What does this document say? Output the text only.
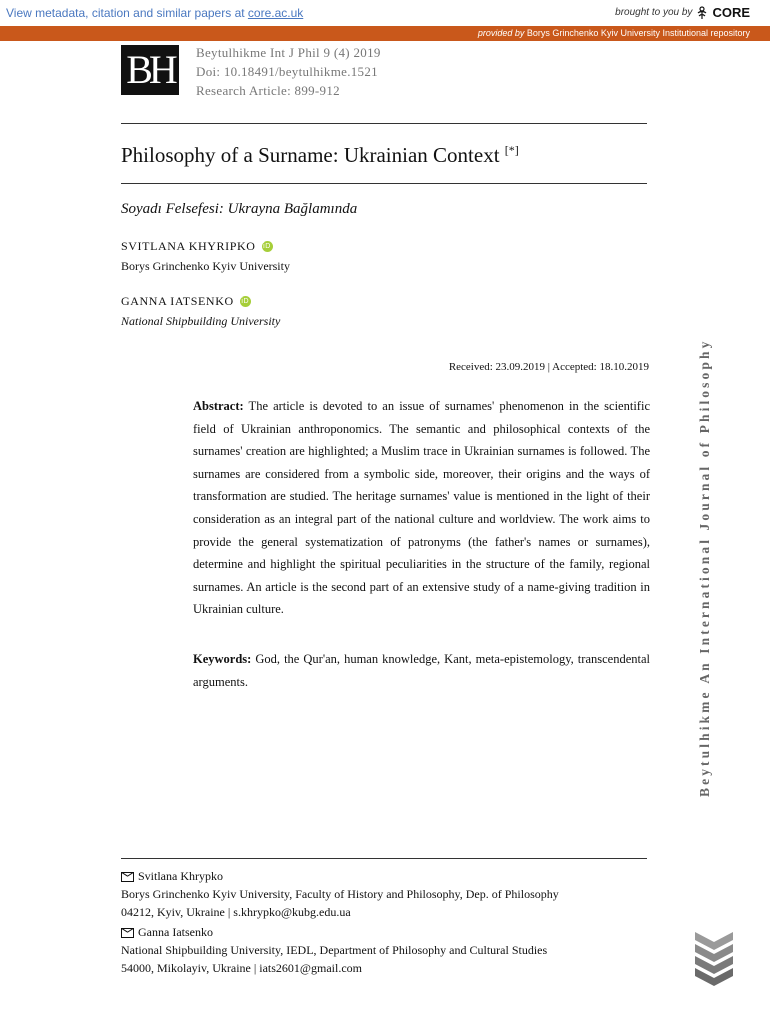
View metadata, citation and similar papers at core.ac.uk	brought to you by CORE
provided by Borys Grinchenko Kyiv University Institutional repository
BH	Beytulhikme Int J Phil 9 (4) 2019
Doi: 10.18491/beytulhikme.1521
Research Article: 899-912
Philosophy of a Surname: Ukrainian Context [*]
Soyadı Felsefesi: Ukrayna Bağlamında
SVITLANA KHYRIPKO iD
Borys Grinchenko Kyiv University
GANNA IATSENKO iD
National Shipbuilding University
Received: 23.09.2019 | Accepted: 18.10.2019
Abstract: The article is devoted to an issue of surnames' phenomenon in the scientific field of Ukrainian anthroponomics. The semantic and philosophical contexts of the surnames' creation are highlighted; a Muslim trace in Ukrainian surnames is followed. The surnames are considered from a symbolic side, moreover, their origins and the ways of transformation are studied. The heritage surnames' value is mentioned in the light of their consideration as an integral part of the national culture and worldview. The work aims to provide the general systematization of patronyms (the father's names or surnames), determine and highlight the spiritual peculiarities in the structure of the family, regional surnames. An article is the second part of an extensive study of a name-giving tradition in Ukrainian culture.
Keywords: God, the Qur'an, human knowledge, Kant, meta-epistemology, transcendental arguments.	Beytulhikme An International Journal of Philosophy
Svitlana Khrypko
Borys Grinchenko Kyiv University, Faculty of History and Philosophy, Dep. of Philosophy
04212, Kyiv, Ukraine | s.khrypko@kubg.edu.ua
Ganna Iatsenko
National Shipbuilding University, IEDL, Department of Philosophy and Cultural Studies
54000, Mikolayiv, Ukraine | iats2601@gmail.com
